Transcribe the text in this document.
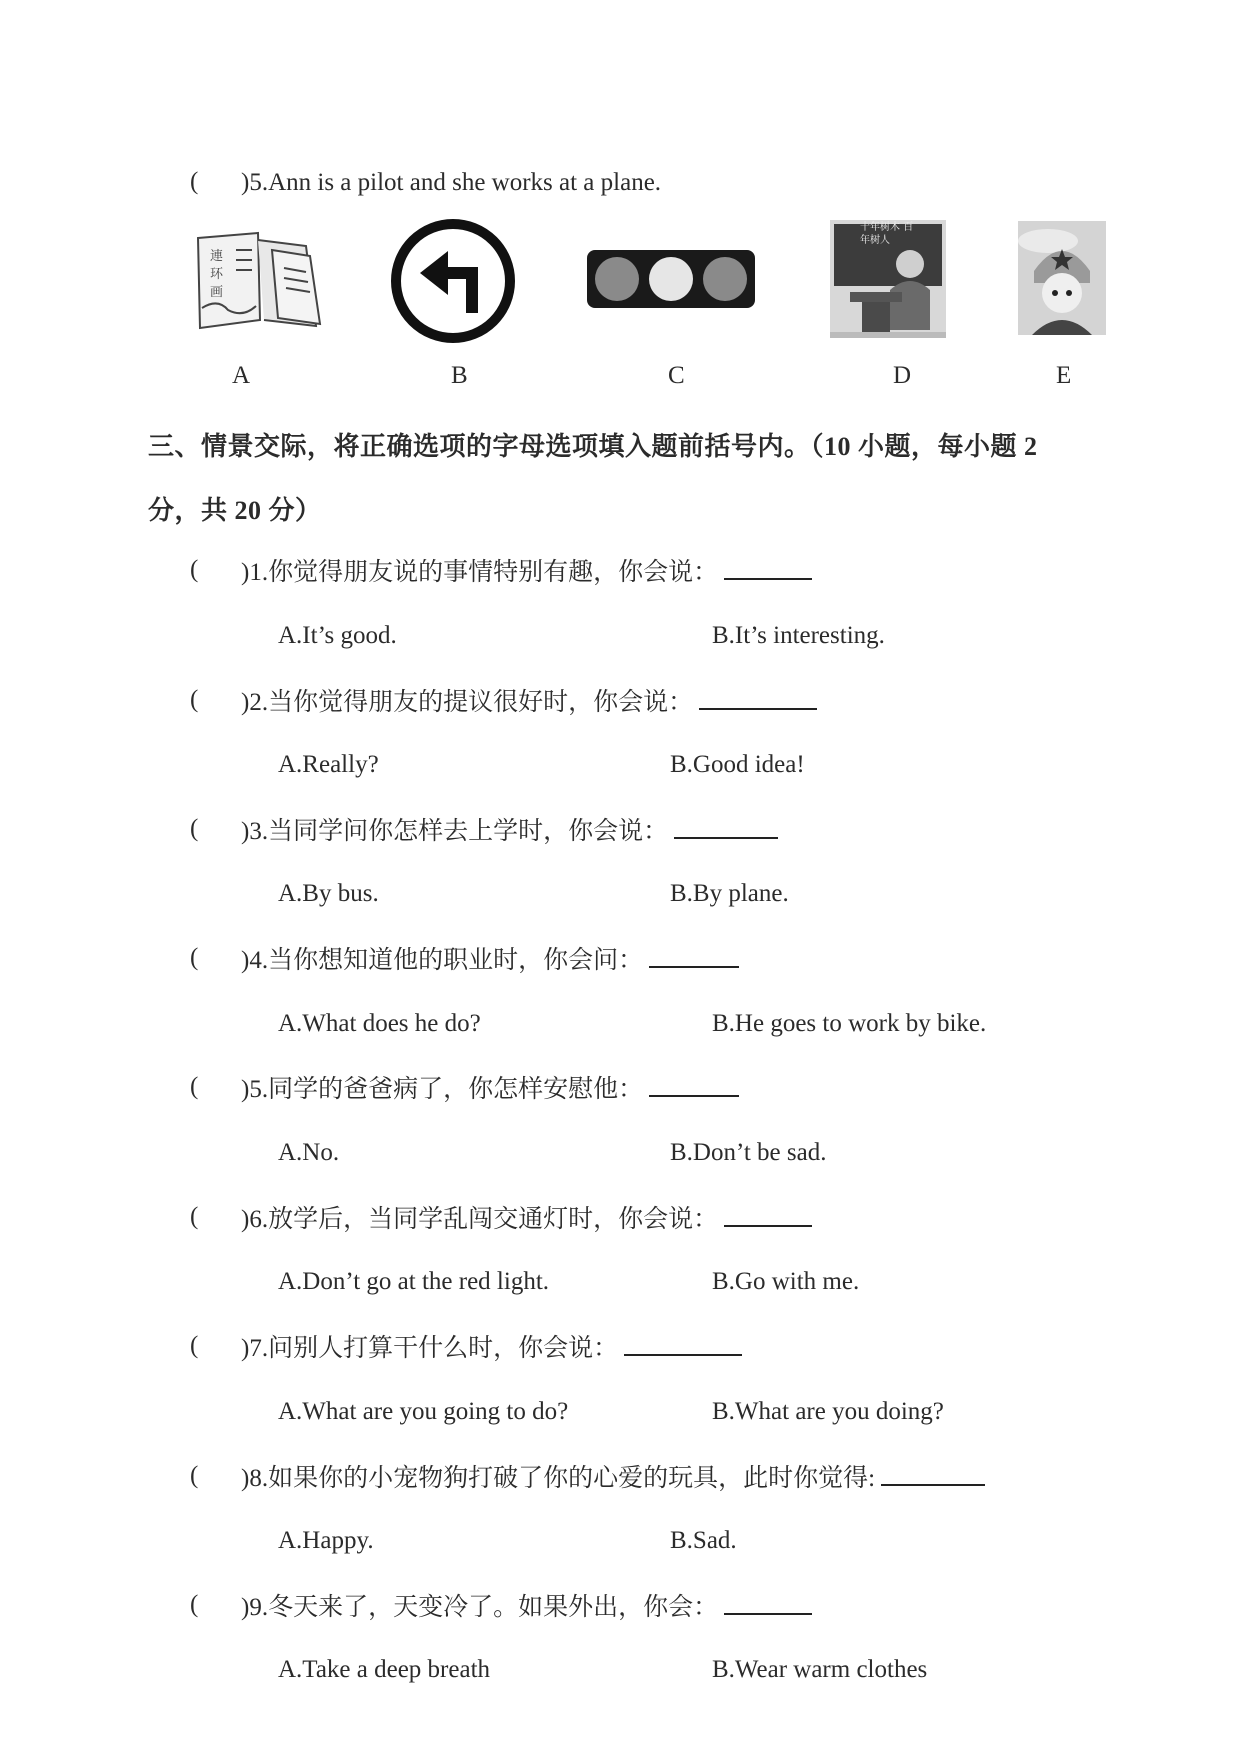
( )5.Ann is a pilot and she works at a plane.
連
环
画
A	B	C
十年树木 百年树人
D	E
三、情景交际，将正确选项的字母选项填入题前括号内。（10 小题，每小题 2
分，共 20 分）
( )1.你觉得朋友说的事情特别有趣，你会说：
A.It’s good.	B.It’s interesting.
( )2.当你觉得朋友的提议很好时，你会说：
A.Really?	B.Good idea!
( )3.当同学问你怎样去上学时，你会说：
A.By bus.	B.By plane.
( )4.当你想知道他的职业时，你会问：
A.What does he do?	B.He goes to work by bike.
( )5.同学的爸爸病了，你怎样安慰他：
A.No.	B.Don’t be sad.
( )6.放学后，当同学乱闯交通灯时，你会说：
A.Don’t go at the red light.	B.Go with me.
( )7.问别人打算干什么时，你会说：
A.What are you going to do?	B.What are you doing?
( )8.如果你的小宠物狗打破了你的心爱的玩具，此时你觉得:
A.Happy.	B.Sad.
( )9.冬天来了，天变冷了。如果外出，你会：
A.Take a deep breath	B.Wear warm clothes
